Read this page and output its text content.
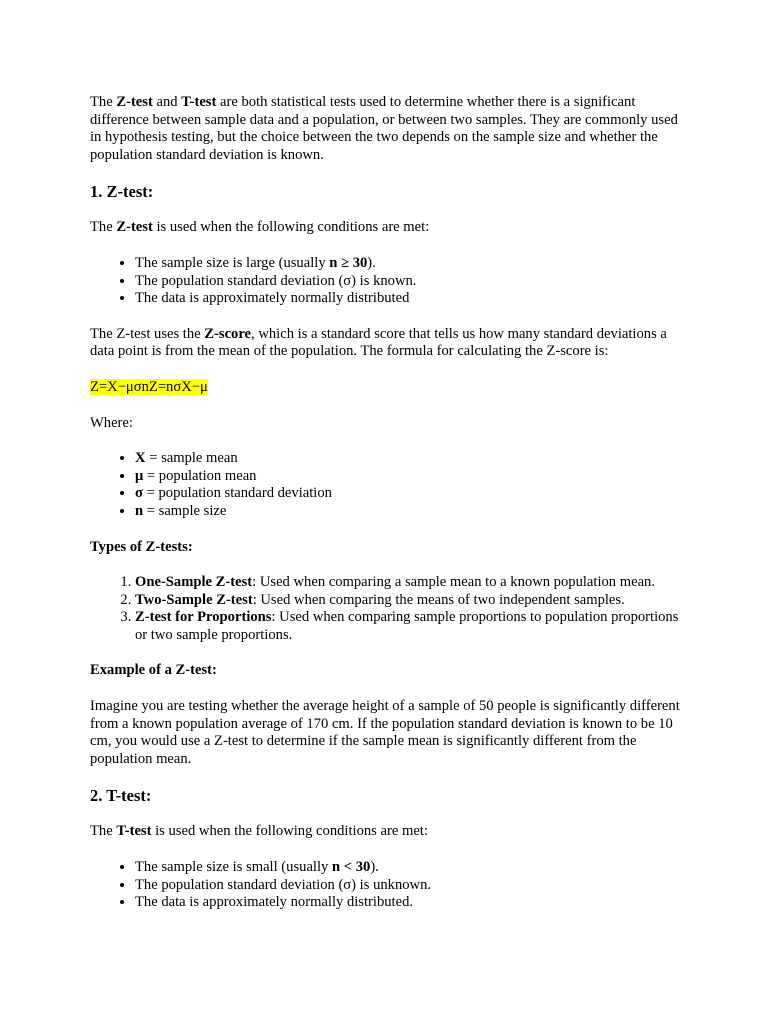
The Z-test and T-test are both statistical tests used to determine whether there is a significant difference between sample data and a population, or between two samples. They are commonly used in hypothesis testing, but the choice between the two depends on the sample size and whether the population standard deviation is known.

1. Z-test:

The Z-test is used when the following conditions are met:

• The sample size is large (usually n ≥ 30).
• The population standard deviation (σ) is known.
• The data is approximately normally distributed

The Z-test uses the Z-score, which is a standard score that tells us how many standard deviations a data point is from the mean of the population. The formula for calculating the Z-score is:

Z=X−μσnZ=nσX−μ

Where:

• X = sample mean
• μ = population mean
• σ = population standard deviation
• n = sample size

Types of Z-tests:

1. One-Sample Z-test: Used when comparing a sample mean to a known population mean.
2. Two-Sample Z-test: Used when comparing the means of two independent samples.
3. Z-test for Proportions: Used when comparing sample proportions to population proportions or two sample proportions.

Example of a Z-test:

Imagine you are testing whether the average height of a sample of 50 people is significantly different from a known population average of 170 cm. If the population standard deviation is known to be 10 cm, you would use a Z-test to determine if the sample mean is significantly different from the population mean.

2. T-test:

The T-test is used when the following conditions are met:

• The sample size is small (usually n < 30).
• The population standard deviation (σ) is unknown.
• The data is approximately normally distributed.
